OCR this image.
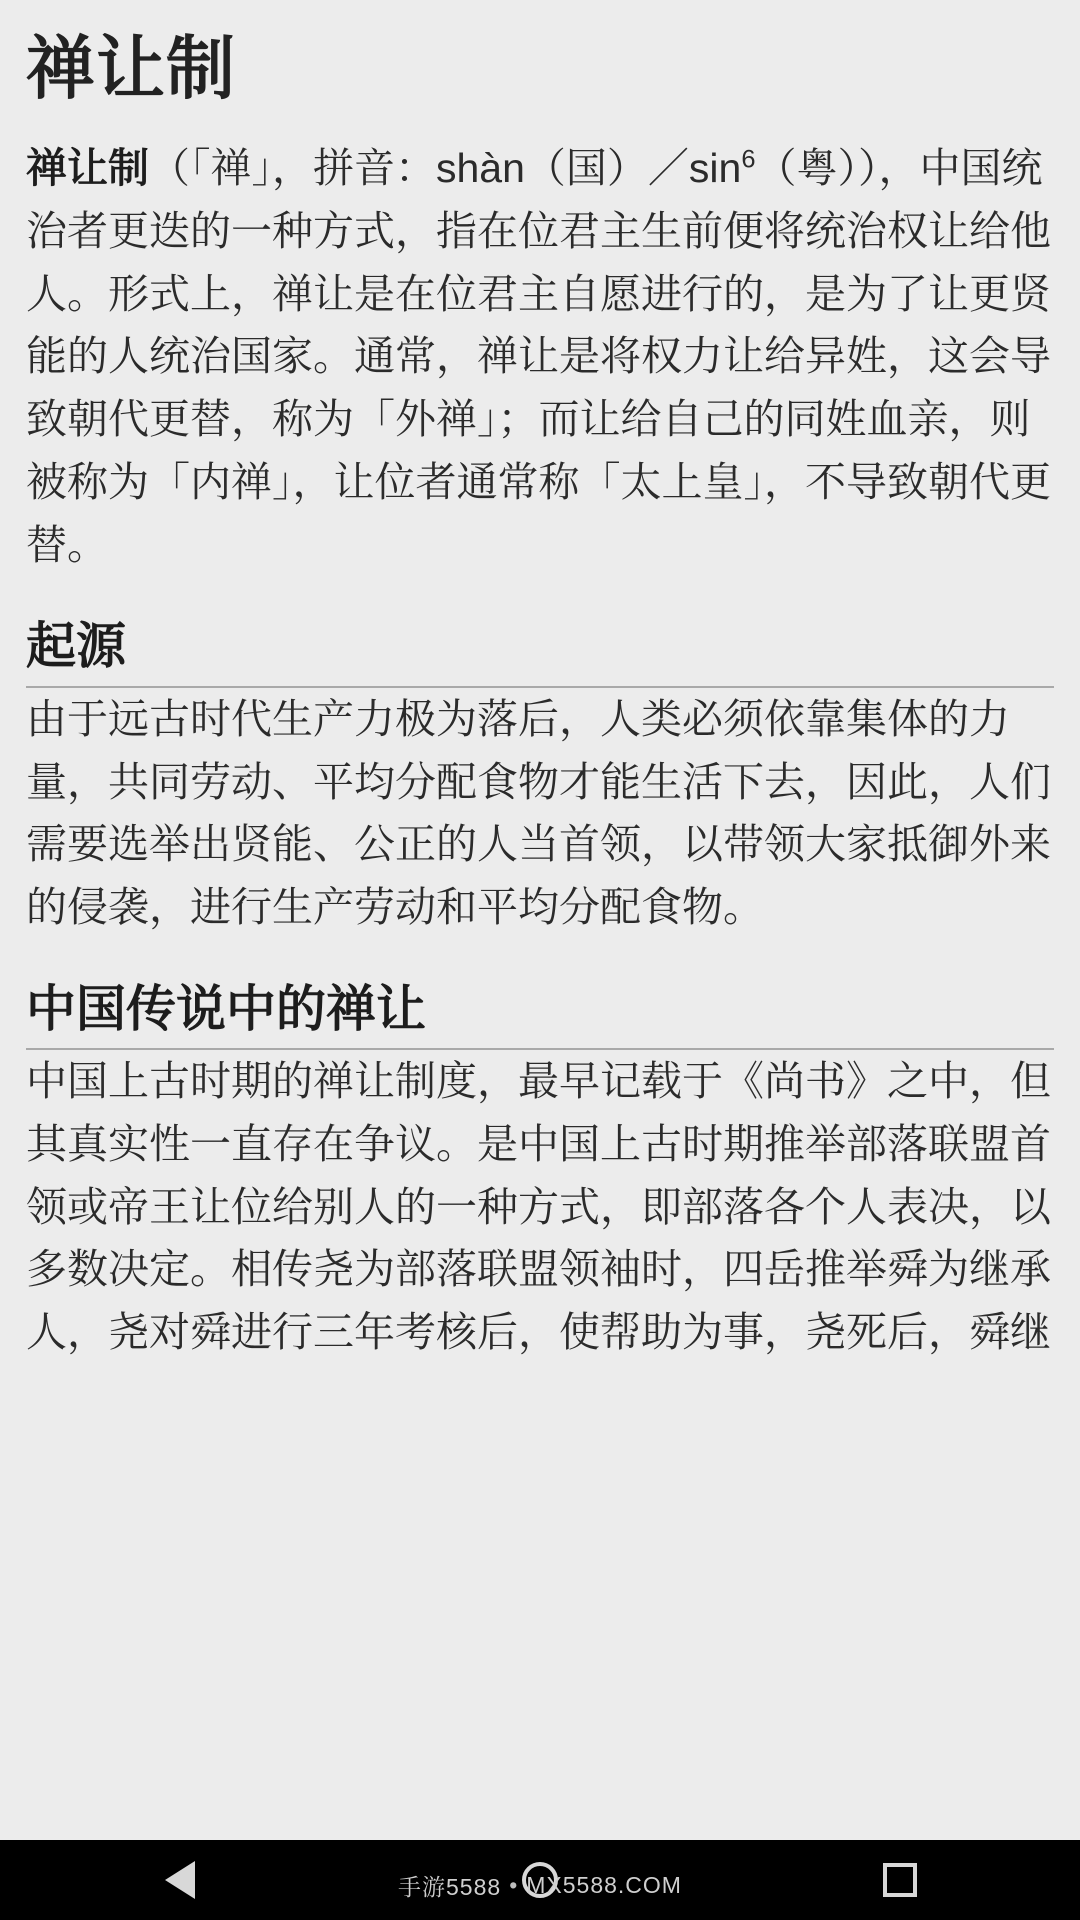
禅让制

禅让制（「禅」，拼音：shàn（国）$/\sin^6$（粤）），中国统治者更迭的一种方式，指在位君主生前便将统治权让给他人。形式上，禅让是在位君主自愿进行的，是为了让更贤能的人统治国家。通常，禅让是将权力让给异姓，这会导致朝代更替，称为「外禅」；而让给自己的同姓血亲，则被称为「内禅」，让位者通常称「太上皇」，不导致朝代更替。

起源

由于远古时代生产力极为落后，人类必须依靠集体的力量，共同劳动、平均分配食物才能生活下去，因此，人们需要选举出贤能、公正的人当首领，以带领大家抵御外来的侵袭，进行生产劳动和平均分配食物。

中国传说中的禅让

中国上古时期的禅让制度，最早记载于《尚书》之中，但其真实性一直存在争议。是中国上古时期推举部落联盟首领或帝王让位给别人的一种方式，即部落各个人表决，以多数决定。相传尧为部落联盟领袖时，四岳推举舜为继承人，尧对舜进行三年考核后，使帮助为事，尧死后，舜继

手游5588 • MX5588.COM
